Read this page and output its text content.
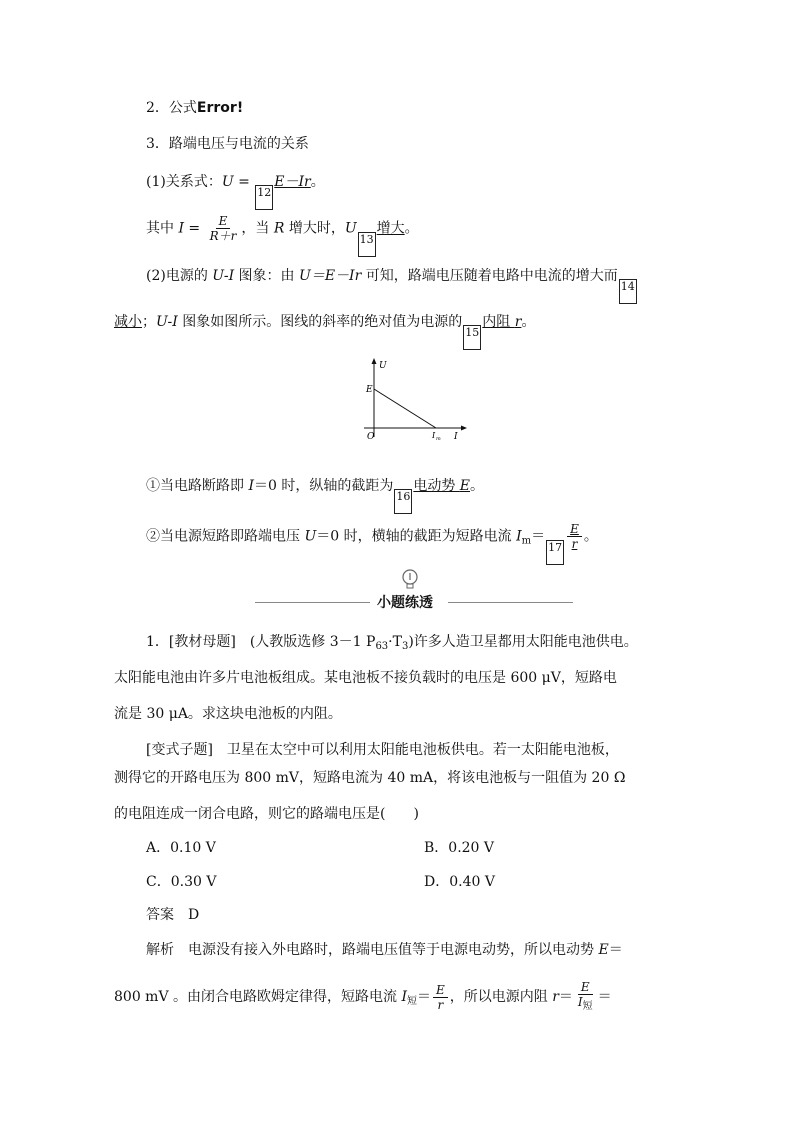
2．公式Error!
3．路端电压与电流的关系
(1)关系式：U = 12E－Ir。
其中 $I = \frac{E}{R+r}$ ，当 R 增大时，U13增大。
(2)电源的 U-I 图象：由 U＝E－Ir 可知，路端电压随着电路中电流的增大而14
减小；U-I 图象如图所示。图线的斜率的绝对值为电源的15内阻 r。
U
E
O	I m I
①当电路断路即 I＝0 时，纵轴的截距为16电动势 E。
②当电源短路即路端电压 U＝0 时，横轴的截距为短路电流 $I_m=17 \frac{E}{r}$ 。
小题练透
1．[教材母题]　(人教版选修 3－1 $P_{63}\cdot T_3$)许多人造卫星都用太阳能电池供电。
太阳能电池由许多片电池板组成。某电池板不接负载时的电压是 600 μV，短路电
流是 30 μA。求这块电池板的内阻。
[变式子题]　卫星在太空中可以利用太阳能电池板供电。若一太阳能电池板，
测得它的开路电压为 800 mV，短路电流为 40 mA，将该电池板与一阻值为 20 Ω
的电阻连成一闭合电路，则它的路端电压是(　　)
A．0.10 V	B．0.20 V
C．0.30 V	D．0.40 V
答案　 D
解析　电源没有接入外电路时，路端电压值等于电源电动势，所以电动势 E＝
800 mV 。由闭合电路欧姆定律得，短路电流 $I_短= \frac{E}{r}$ ，所以电源内阻 $r= \frac{E}{I_短}$ ＝
